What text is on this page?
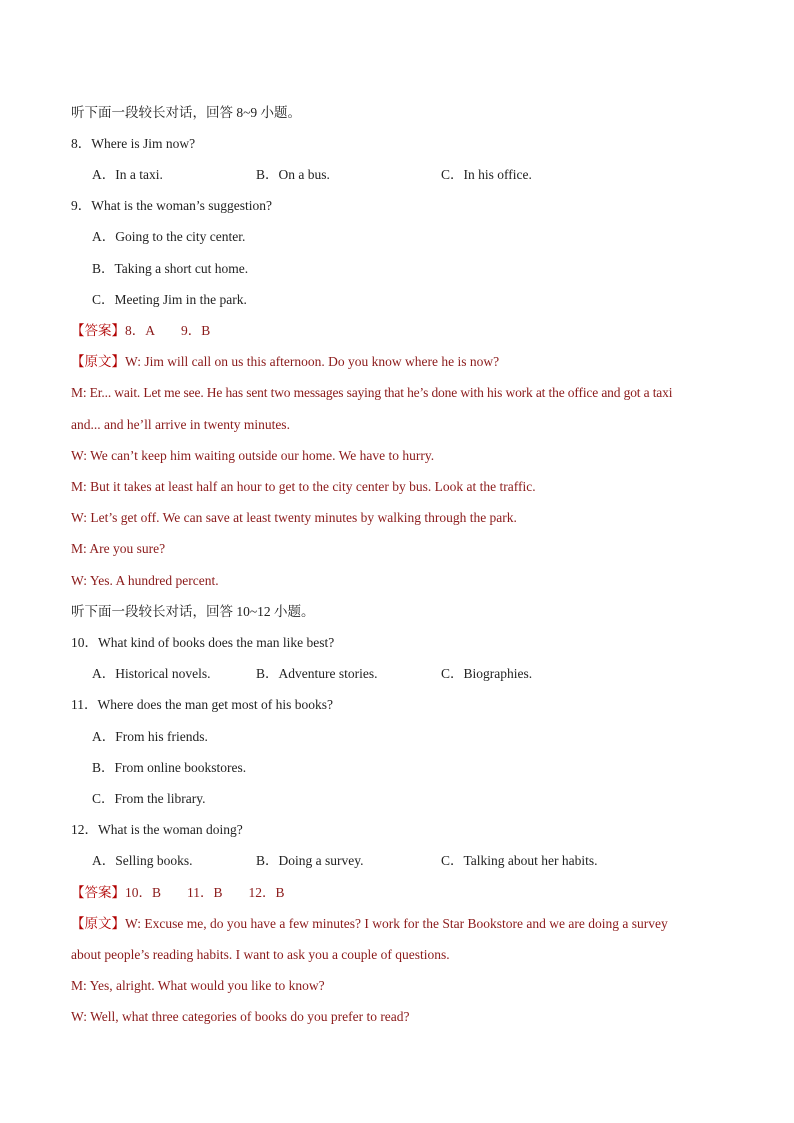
听下面一段较长对话，回答 8~9 小题。
8．Where is Jim now?
A．In a taxi.	B．On a bus.	C．In his office.
9．What is the woman’s suggestion?
A．Going to the city center.
B．Taking a short cut home.
C．Meeting Jim in the park.
【答案】8．A 9．B
【原文】W: Jim will call on us this afternoon. Do you know where he is now?
M: Er... wait. Let me see. He has sent two messages saying that he’s done with his work at the office and got a taxi
and... and he’ll arrive in twenty minutes.
W: We can’t keep him waiting outside our home. We have to hurry.
M: But it takes at least half an hour to get to the city center by bus. Look at the traffic.
W: Let’s get off. We can save at least twenty minutes by walking through the park.
M: Are you sure?
W: Yes. A hundred percent.
听下面一段较长对话，回答 10~12 小题。
10．What kind of books does the man like best?
A．Historical novels.	B．Adventure stories.	C．Biographies.
11．Where does the man get most of his books?
A．From his friends.
B．From online bookstores.
C．From the library.
12．What is the woman doing?
A．Selling books.	B．Doing a survey.	C．Talking about her habits.
【答案】10．B 11．B 12．B
【原文】W: Excuse me, do you have a few minutes? I work for the Star Bookstore and we are doing a survey
about people’s reading habits. I want to ask you a couple of questions.
M: Yes, alright. What would you like to know?
W: Well, what three categories of books do you prefer to read?
